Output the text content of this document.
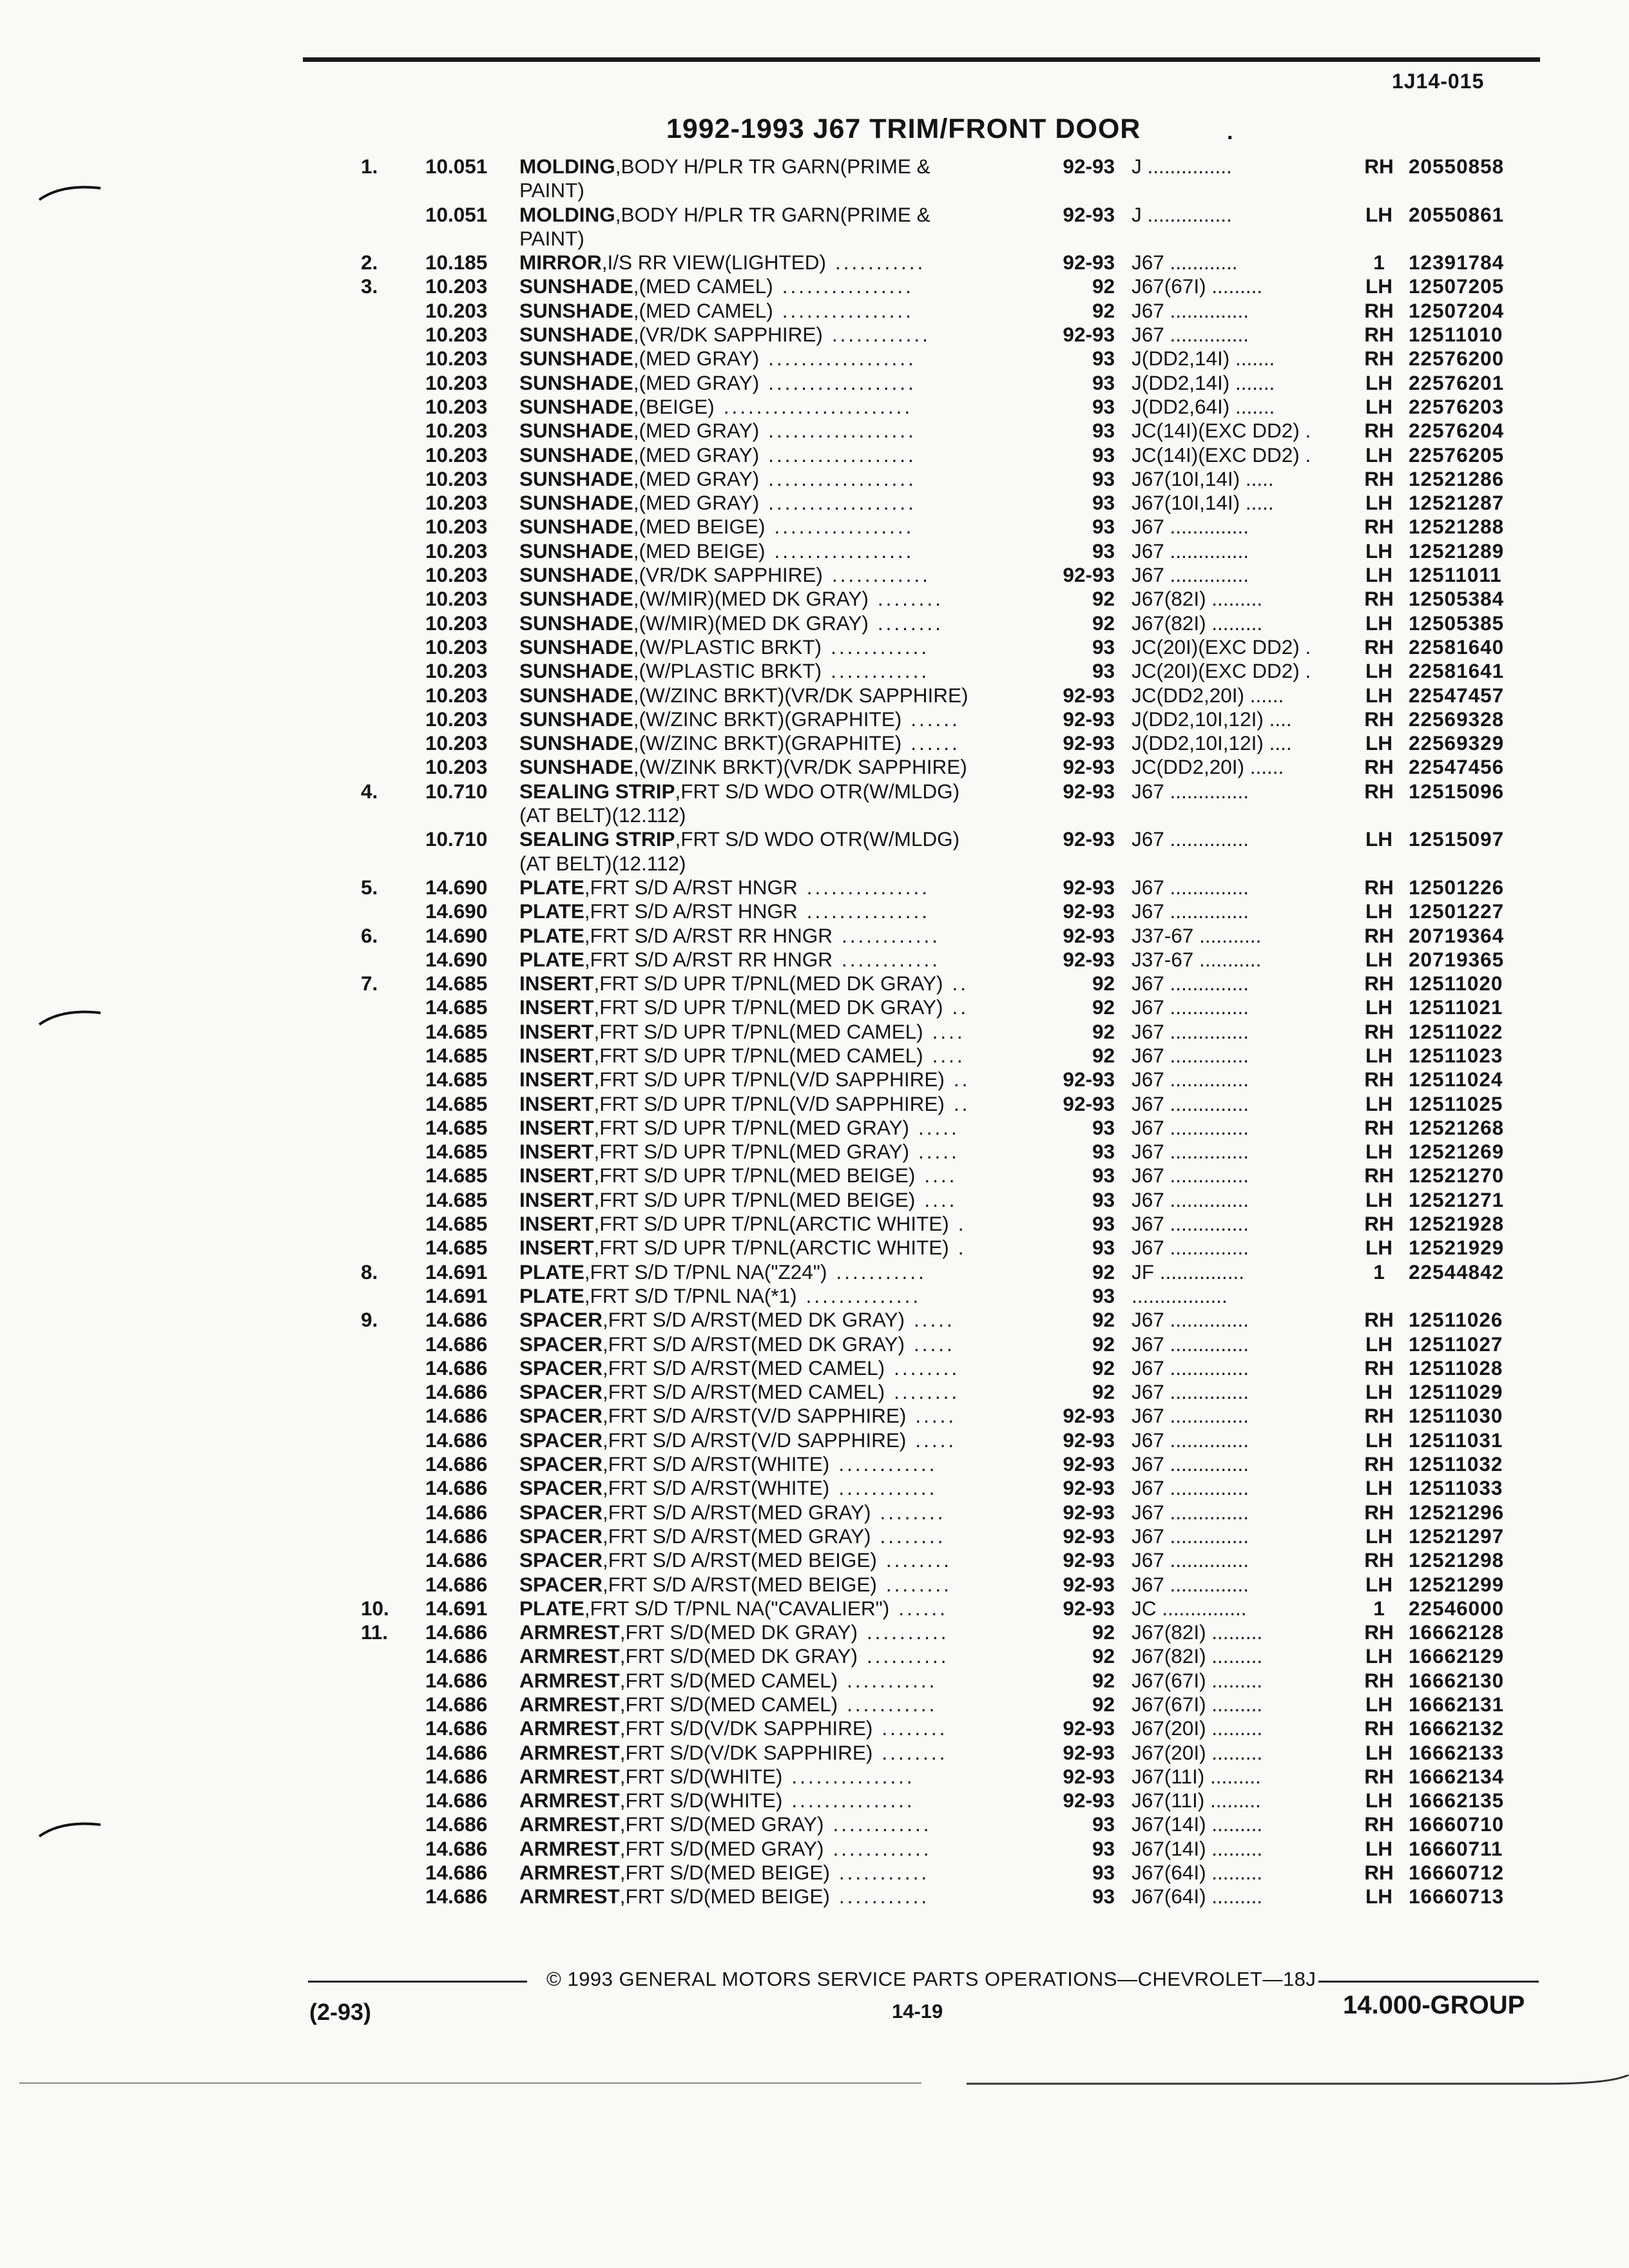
1J14-015
1992-1993 J67 TRIM/FRONT DOOR	.
1. 10.051 MOLDING,BODY H/PLR TR GARN(PRIME &	92-93 J ...............	RH 20550858
PAINT)
10.051 MOLDING,BODY H/PLR TR GARN(PRIME &	92-93 J ...............	LH 20550861
PAINT)
2. 10.185 MIRROR,I/S RR VIEW(LIGHTED) ...........	92-93 J67 ............	1	12391784
3. 10.203 SUNSHADE,(MED CAMEL) ................	92 J67(67I) .........	LH 12507205
10.203 SUNSHADE,(MED CAMEL) ................	92 J67 ..............	RH 12507204
10.203 SUNSHADE,(VR/DK SAPPHIRE) ............	92-93 J67 ..............	RH 12511010
10.203 SUNSHADE,(MED GRAY) ..................	93 J(DD2,14I) .......	RH 22576200
10.203 SUNSHADE,(MED GRAY) ..................	93 J(DD2,14I) .......	LH 22576201
10.203 SUNSHADE,(BEIGE) .......................	93 J(DD2,64I) .......	LH 22576203
10.203 SUNSHADE,(MED GRAY) ..................	93 JC(14I)(EXC DD2) .	RH 22576204
10.203 SUNSHADE,(MED GRAY) ..................	93 JC(14I)(EXC DD2) .	LH 22576205
10.203 SUNSHADE,(MED GRAY) ..................	93 J67(10I,14I) .....	RH 12521286
10.203 SUNSHADE,(MED GRAY) ..................	93 J67(10I,14I) .....	LH 12521287
10.203 SUNSHADE,(MED BEIGE) .................	93 J67 ..............	RH 12521288
10.203 SUNSHADE,(MED BEIGE) .................	93 J67 ..............	LH 12521289
10.203 SUNSHADE,(VR/DK SAPPHIRE) ............	92-93 J67 ..............	LH 12511011
10.203 SUNSHADE,(W/MIR)(MED DK GRAY) ........	92 J67(82I) .........	RH 12505384
10.203 SUNSHADE,(W/MIR)(MED DK GRAY) ........	92 J67(82I) .........	LH 12505385
10.203 SUNSHADE,(W/PLASTIC BRKT) ............	93 JC(20I)(EXC DD2) .	RH 22581640
10.203 SUNSHADE,(W/PLASTIC BRKT) ............	93 JC(20I)(EXC DD2) .	LH 22581641
10.203 SUNSHADE,(W/ZINC BRKT)(VR/DK SAPPHIRE)	92-93 JC(DD2,20I) ......	LH 22547457
10.203 SUNSHADE,(W/ZINC BRKT)(GRAPHITE) ......	92-93 J(DD2,10I,12I) ....	RH 22569328
10.203 SUNSHADE,(W/ZINC BRKT)(GRAPHITE) ......	92-93 J(DD2,10I,12I) ....	LH 22569329
10.203 SUNSHADE,(W/ZINK BRKT)(VR/DK SAPPHIRE)	92-93 JC(DD2,20I) ......	RH 22547456
4. 10.710 SEALING STRIP,FRT S/D WDO OTR(W/MLDG)	92-93 J67 ..............	RH 12515096
(AT BELT)(12.112)
10.710 SEALING STRIP,FRT S/D WDO OTR(W/MLDG)	92-93 J67 ..............	LH 12515097
(AT BELT)(12.112)
5. 14.690 PLATE,FRT S/D A/RST HNGR ...............	92-93 J67 ..............	RH 12501226
14.690 PLATE,FRT S/D A/RST HNGR ...............	92-93 J67 ..............	LH 12501227
6. 14.690 PLATE,FRT S/D A/RST RR HNGR ............	92-93 J37-67 ...........	RH 20719364
14.690 PLATE,FRT S/D A/RST RR HNGR ............	92-93 J37-67 ...........	LH 20719365
7. 14.685 INSERT,FRT S/D UPR T/PNL(MED DK GRAY) ..	92 J67 ..............	RH 12511020
14.685 INSERT,FRT S/D UPR T/PNL(MED DK GRAY) ..	92 J67 ..............	LH 12511021
14.685 INSERT,FRT S/D UPR T/PNL(MED CAMEL) ....	92 J67 ..............	RH 12511022
14.685 INSERT,FRT S/D UPR T/PNL(MED CAMEL) ....	92 J67 ..............	LH 12511023
14.685 INSERT,FRT S/D UPR T/PNL(V/D SAPPHIRE) ..	92-93 J67 ..............	RH 12511024
14.685 INSERT,FRT S/D UPR T/PNL(V/D SAPPHIRE) ..	92-93 J67 ..............	LH 12511025
14.685 INSERT,FRT S/D UPR T/PNL(MED GRAY) .....	93 J67 ..............	RH 12521268
14.685 INSERT,FRT S/D UPR T/PNL(MED GRAY) .....	93 J67 ..............	LH 12521269
14.685 INSERT,FRT S/D UPR T/PNL(MED BEIGE) ....	93 J67 ..............	RH 12521270
14.685 INSERT,FRT S/D UPR T/PNL(MED BEIGE) ....	93 J67 ..............	LH 12521271
14.685 INSERT,FRT S/D UPR T/PNL(ARCTIC WHITE) .	93 J67 ..............	RH 12521928
14.685 INSERT,FRT S/D UPR T/PNL(ARCTIC WHITE) .	93 J67 ..............	LH 12521929
8. 14.691 PLATE,FRT S/D T/PNL NA("Z24") ...........	92 JF ...............	1	22544842
14.691 PLATE,FRT S/D T/PNL NA(*1) ..............	93 .................
9. 14.686 SPACER,FRT S/D A/RST(MED DK GRAY) .....	92 J67 ..............	RH 12511026
14.686 SPACER,FRT S/D A/RST(MED DK GRAY) .....	92 J67 ..............	LH 12511027
14.686 SPACER,FRT S/D A/RST(MED CAMEL) ........	92 J67 ..............	RH 12511028
14.686 SPACER,FRT S/D A/RST(MED CAMEL) ........	92 J67 ..............	LH 12511029
14.686 SPACER,FRT S/D A/RST(V/D SAPPHIRE) .....	92-93 J67 ..............	RH 12511030
14.686 SPACER,FRT S/D A/RST(V/D SAPPHIRE) .....	92-93 J67 ..............	LH 12511031
14.686 SPACER,FRT S/D A/RST(WHITE) ............	92-93 J67 ..............	RH 12511032
14.686 SPACER,FRT S/D A/RST(WHITE) ............	92-93 J67 ..............	LH 12511033
14.686 SPACER,FRT S/D A/RST(MED GRAY) ........	92-93 J67 ..............	RH 12521296
14.686 SPACER,FRT S/D A/RST(MED GRAY) ........	92-93 J67 ..............	LH 12521297
14.686 SPACER,FRT S/D A/RST(MED BEIGE) ........	92-93 J67 ..............	RH 12521298
14.686 SPACER,FRT S/D A/RST(MED BEIGE) ........	92-93 J67 ..............	LH 12521299
10. 14.691 PLATE,FRT S/D T/PNL NA("CAVALIER") ......	92-93 JC ...............	1	22546000
11. 14.686 ARMREST,FRT S/D(MED DK GRAY) ..........	92 J67(82I) .........	RH 16662128
14.686 ARMREST,FRT S/D(MED DK GRAY) ..........	92 J67(82I) .........	LH 16662129
14.686 ARMREST,FRT S/D(MED CAMEL) ...........	92 J67(67I) .........	RH 16662130
14.686 ARMREST,FRT S/D(MED CAMEL) ...........	92 J67(67I) .........	LH 16662131
14.686 ARMREST,FRT S/D(V/DK SAPPHIRE) ........	92-93 J67(20I) .........	RH 16662132
14.686 ARMREST,FRT S/D(V/DK SAPPHIRE) ........	92-93 J67(20I) .........	LH 16662133
14.686 ARMREST,FRT S/D(WHITE) ...............	92-93 J67(11I) .........	RH 16662134
14.686 ARMREST,FRT S/D(WHITE) ...............	92-93 J67(11I) .........	LH 16662135
14.686 ARMREST,FRT S/D(MED GRAY) ............	93 J67(14I) .........	RH 16660710
14.686 ARMREST,FRT S/D(MED GRAY) ............	93 J67(14I) .........	LH 16660711
14.686 ARMREST,FRT S/D(MED BEIGE) ...........	93 J67(64I) .........	RH 16660712
14.686 ARMREST,FRT S/D(MED BEIGE) ...........	93 J67(64I) .........	LH 16660713
© 1993 GENERAL MOTORS SERVICE PARTS OPERATIONS—CHEVROLET—18J
(2-93)	14-19	14.000-GROUP
